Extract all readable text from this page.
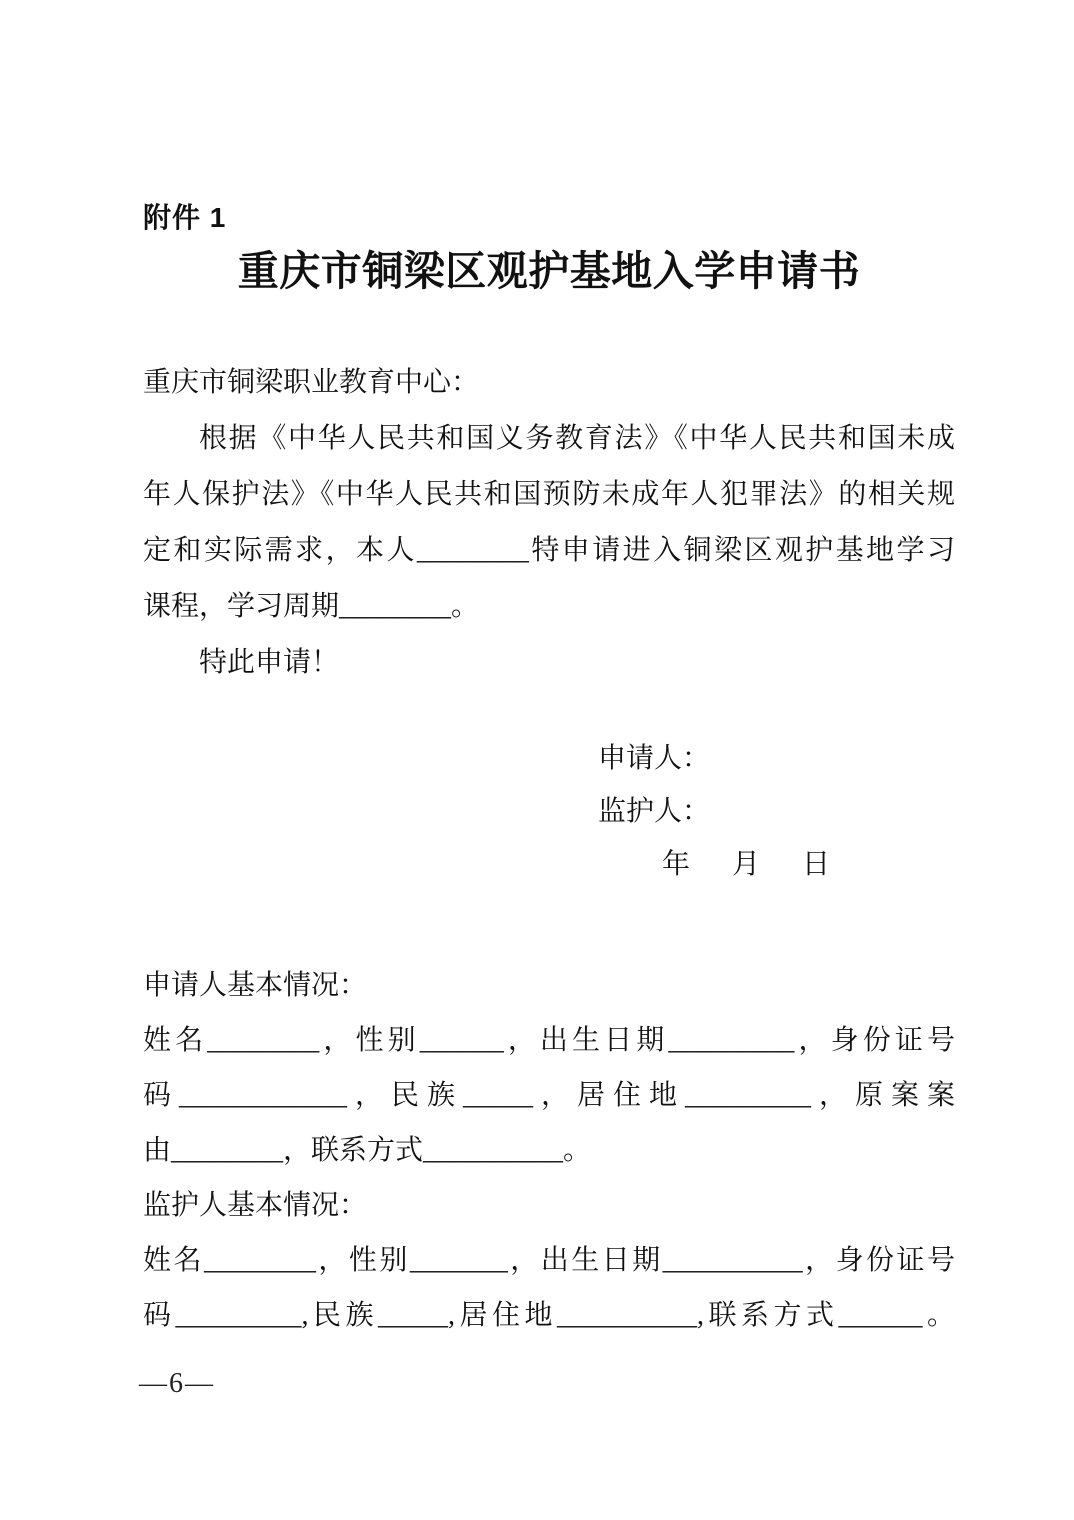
附件 1
重庆市铜梁区观护基地入学申请书
重庆市铜梁职业教育中心：
根据《中华人民共和国义务教育法》《中华人民共和国未成
年人保护法》《中华人民共和国预防未成年人犯罪法》的相关规
定和实际需求，本人________特申请进入铜梁区观护基地学习
课程，学习周期________。
特此申请！
申请人：
监护人：
年      月      日
申请人基本情况：
姓名________，性别______，出生日期_________，身份证号
码____________，民族_____，居住地_________，原案案
由________，联系方式__________。
监护人基本情况：
姓名________，性别_______，出生日期__________，身份证号
码_________,民族_____,居住地__________,联系方式______。
—6—
